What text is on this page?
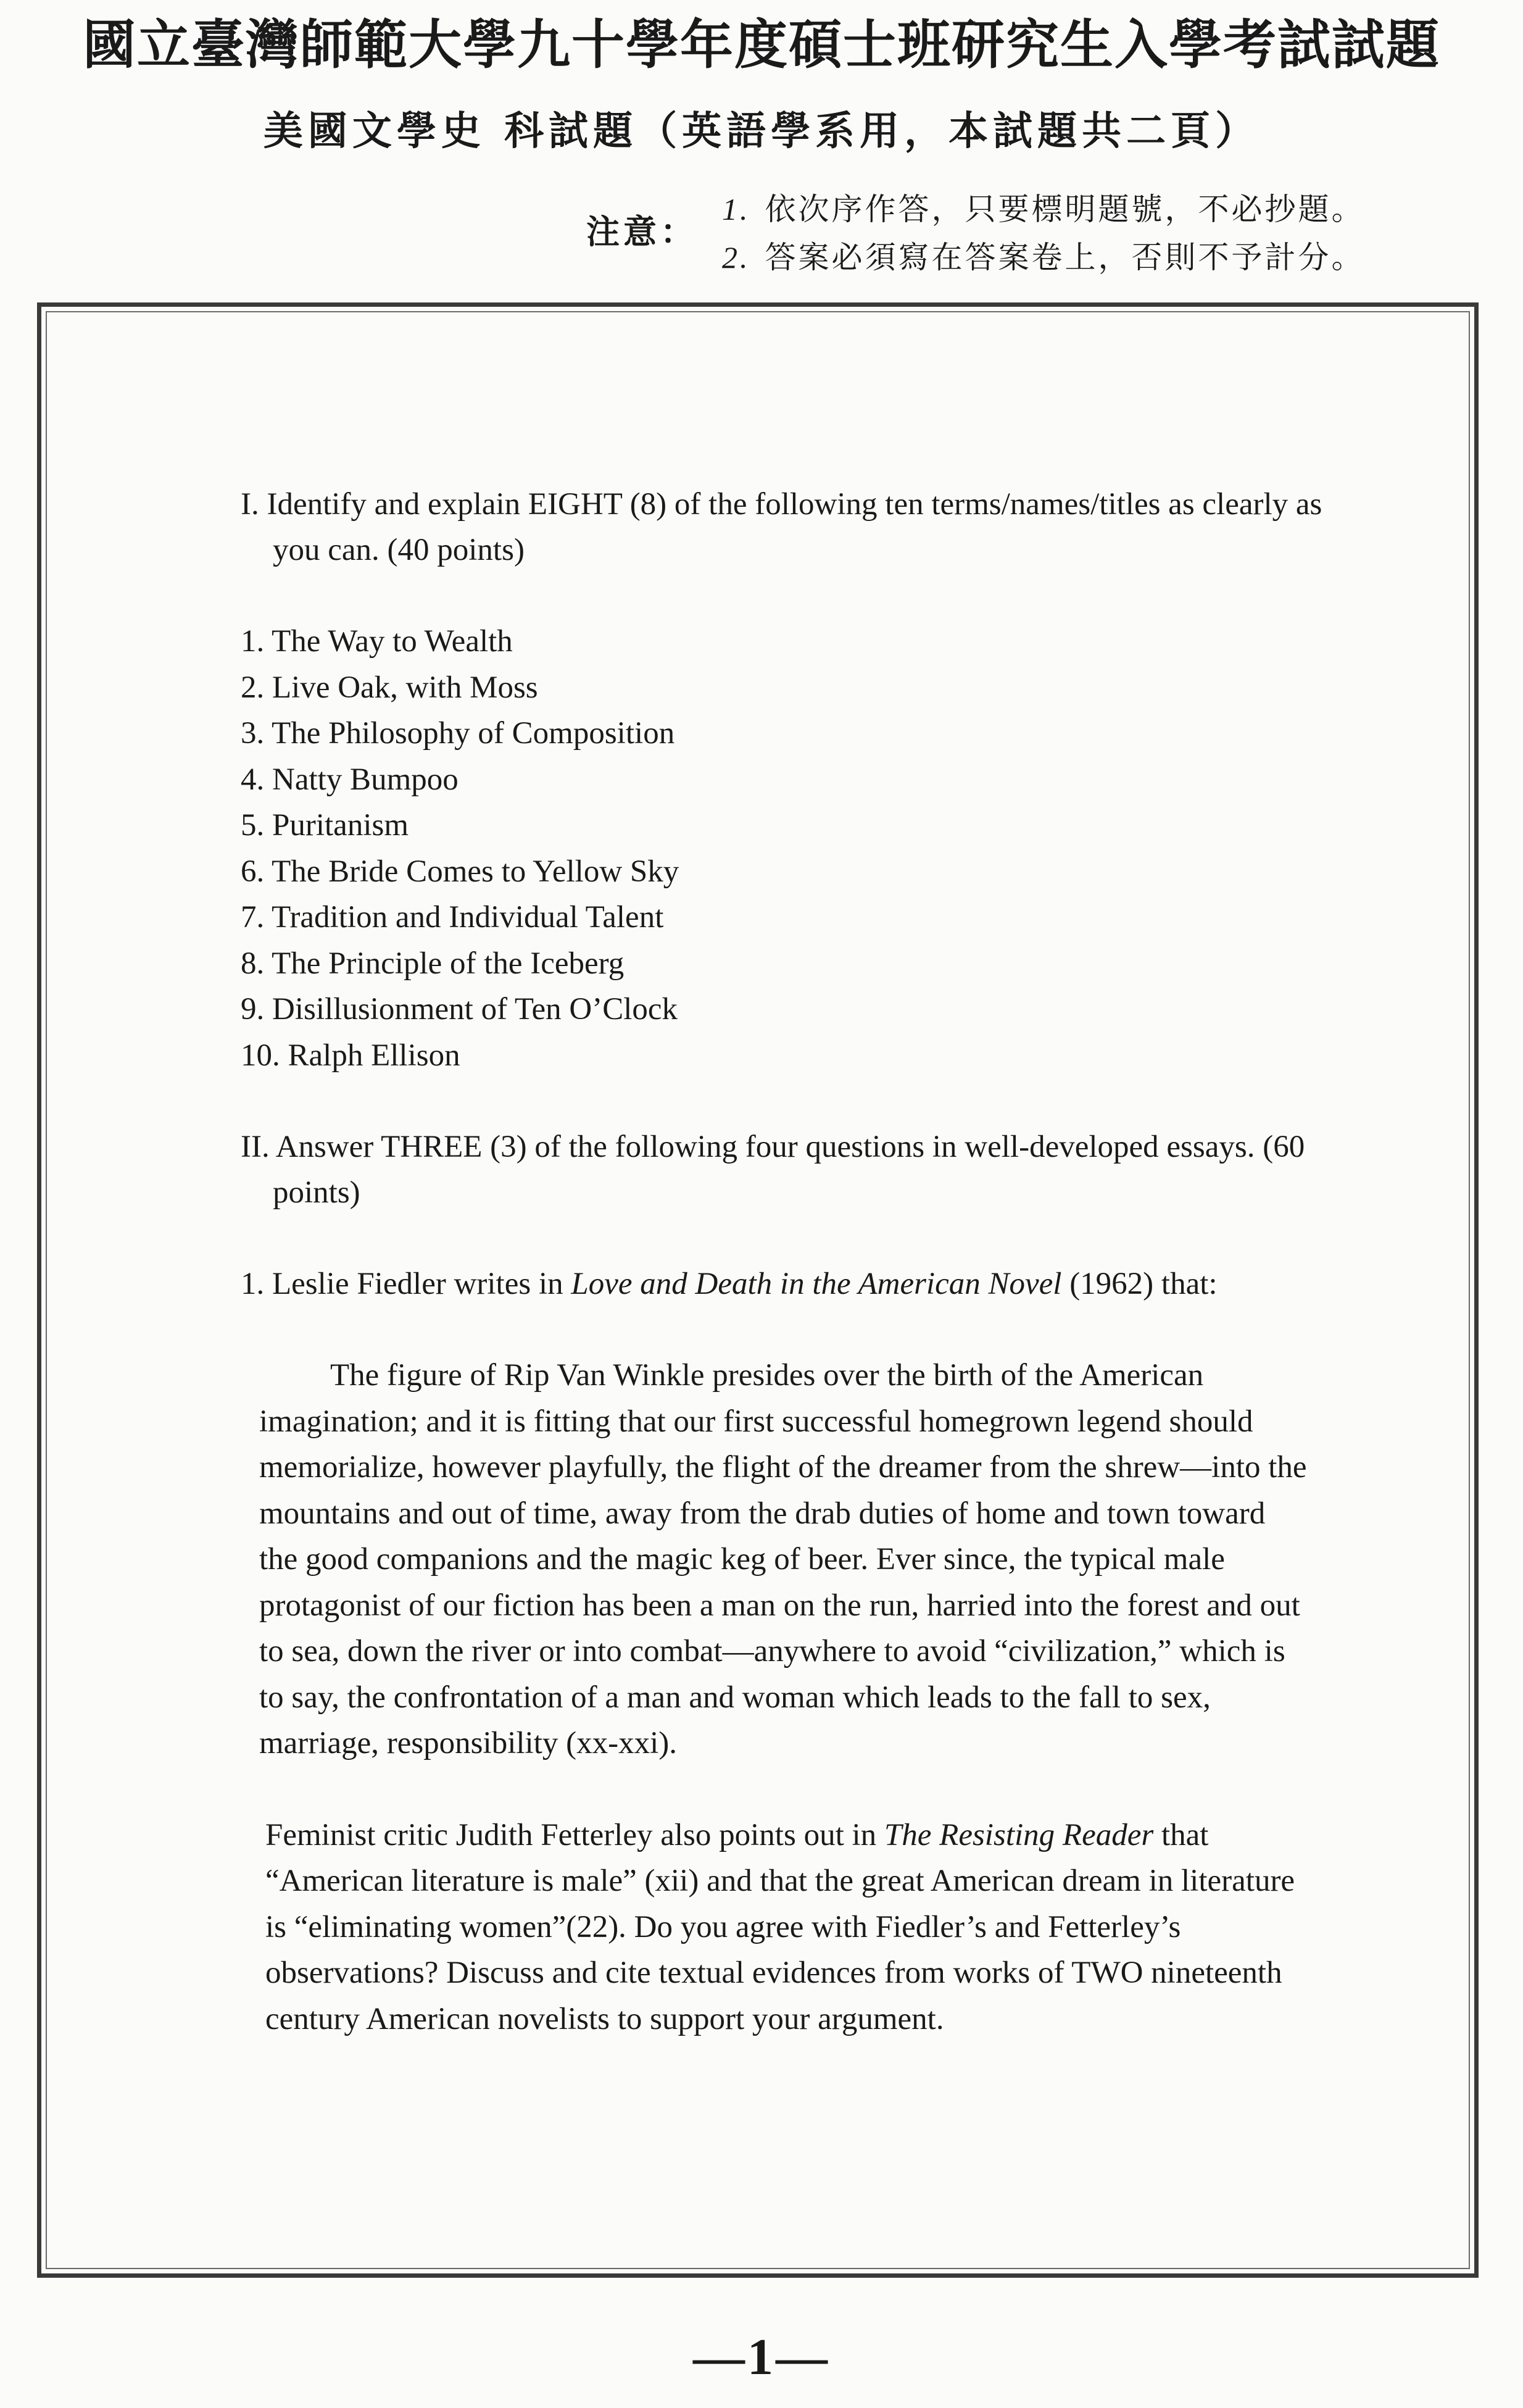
國立臺灣師範大學九十學年度碩士班研究生入學考試試題
美國文學史 科試題（英語學系用，本試題共二頁）
注意：
1. 依次序作答，只要標明題號，不必抄題。
2. 答案必須寫在答案卷上，否則不予計分。

I. Identify and explain EIGHT (8) of the following ten terms/names/titles as clearly as you can. (40 points)

1. The Way to Wealth
2. Live Oak, with Moss
3. The Philosophy of Composition
4. Natty Bumpoo
5. Puritanism
6. The Bride Comes to Yellow Sky
7. Tradition and Individual Talent
8. The Principle of the Iceberg
9. Disillusionment of Ten O’Clock
10. Ralph Ellison

II. Answer THREE (3) of the following four questions in well-developed essays. (60 points)

1. Leslie Fiedler writes in Love and Death in the American Novel (1962) that:

The figure of Rip Van Winkle presides over the birth of the American imagination; and it is fitting that our first successful homegrown legend should memorialize, however playfully, the flight of the dreamer from the shrew—into the mountains and out of time, away from the drab duties of home and town toward the good companions and the magic keg of beer. Ever since, the typical male protagonist of our fiction has been a man on the run, harried into the forest and out to sea, down the river or into combat—anywhere to avoid “civilization,” which is to say, the confrontation of a man and woman which leads to the fall to sex, marriage, responsibility (xx-xxi).

Feminist critic Judith Fetterley also points out in The Resisting Reader that “American literature is male” (xii) and that the great American dream in literature is “eliminating women”(22). Do you agree with Fiedler’s and Fetterley’s observations? Discuss and cite textual evidences from works of TWO nineteenth century American novelists to support your argument.

—1—
